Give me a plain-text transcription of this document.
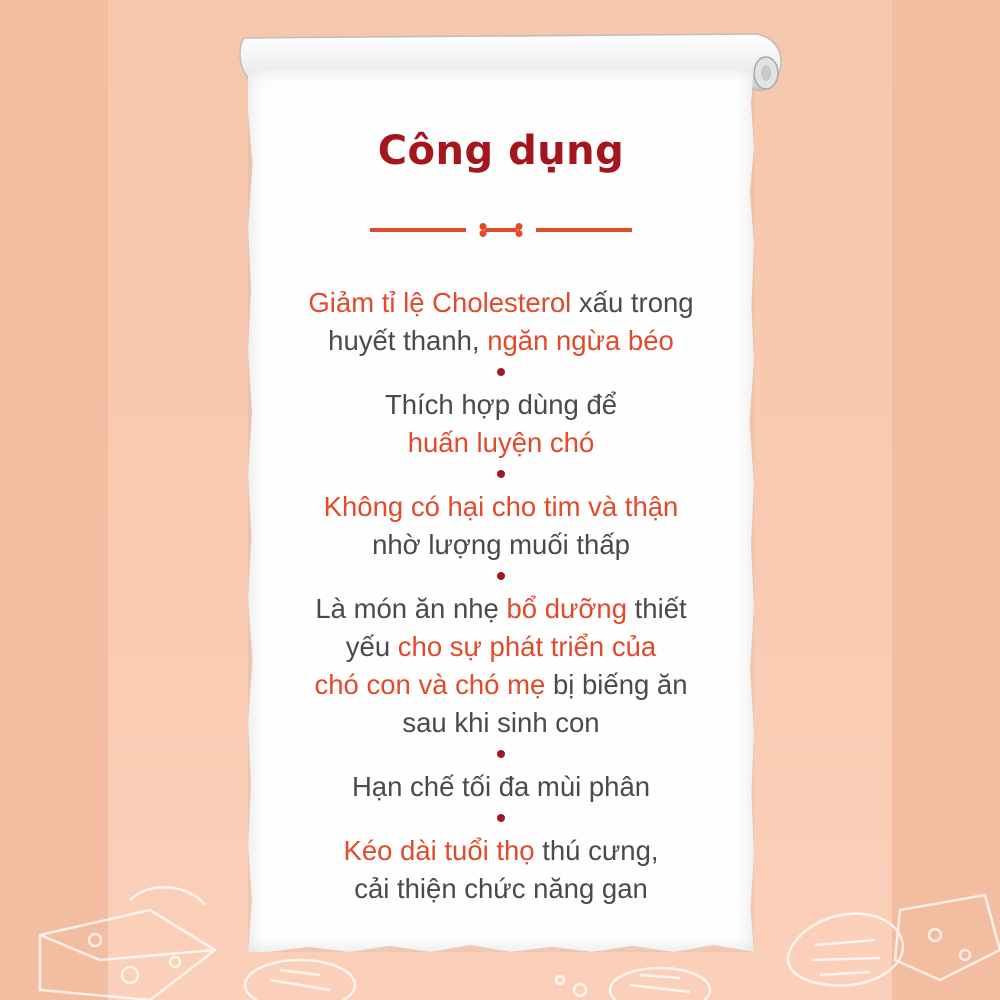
Công dụng
Giảm tỉ lệ Cholesterol xấu trong
huyết thanh, ngăn ngừa béo
Thích hợp dùng để
huấn luyện chó
Không có hại cho tim và thận
nhờ lượng muối thấp
Là món ăn nhẹ bổ dưỡng thiết
yếu cho sự phát triển của
chó con và chó mẹ bị biếng ăn
sau khi sinh con
Hạn chế tối đa mùi phân
Kéo dài tuổi thọ thú cưng,
cải thiện chức năng gan
